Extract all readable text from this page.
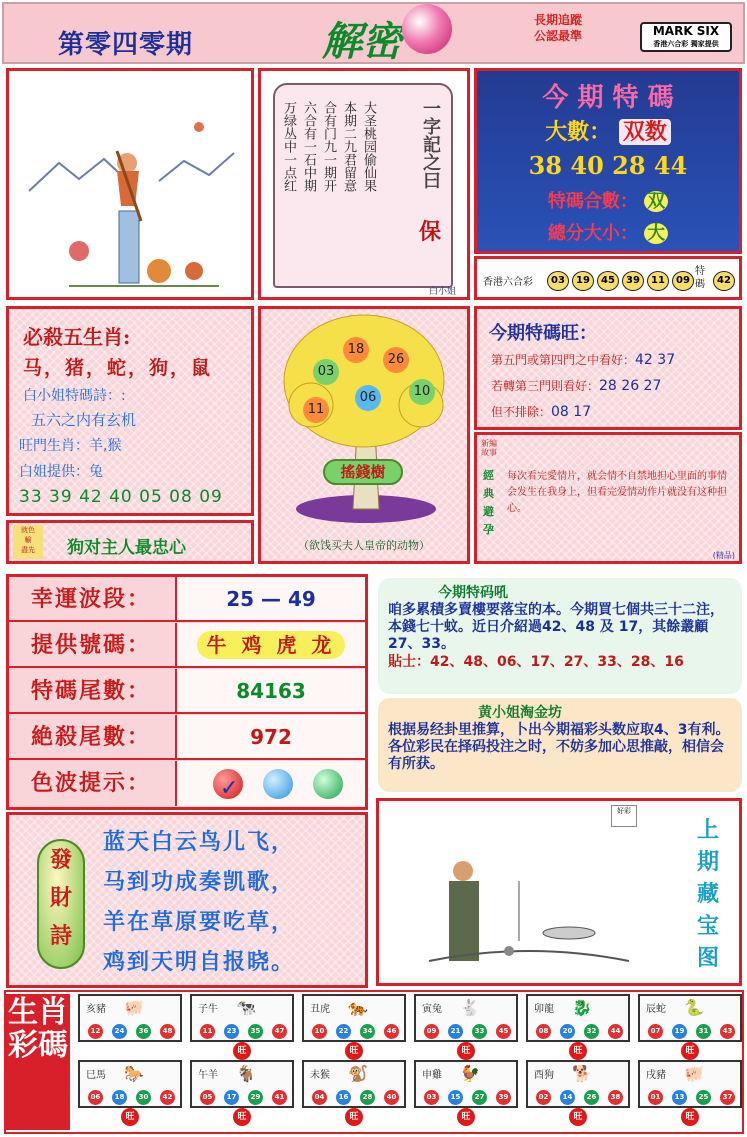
第零四零期	解密	長期追蹤
公認最準	MARK SIX
香港六合彩 獨家提供
大圣桃园偷仙果
本期二九君留意
合有门九一期开
六合有一石中期
万绿丛中一点红	一字記之曰
保
白小姐
今 期 特 碼
大數： 双数
38 40 28 44
特碼合數： 双
總分大小： 大
香港六合彩	03	19	45	39	11	09
特碼	42
必殺五生肖:
马，猪，蛇，狗，鼠
白小姐特碼詩：:
五六之内有玄机
旺門生肖：羊,猴
白姐提供：兔
33 39 42 40 05 08 09
就色
輸
盡先	狗对主人最忠心
18
03
26
06	10
11
搖錢樹
（欲饯买夫人皇帝的动物）
今期特碼旺：
第五門或第四門之中看好：42 37
若轉第三門則看好：28 26 27
但不排除：08 17
新編故事
經典避孕
每次看完愛情片，就会情不自禁地担心里面的事情会发生在我身上，但看完爱情动作片就没有这种担心。
(精品)
幸運波段：	25 — 49
提供號碼：	牛 鸡 虎 龙
特碼尾數：	84163
絶殺尾數：	972
色波提示：	✓
今期特码吼
咱多累積多賣樓要落宝的本。今期買七個共三十二注，本錢七十蚊。近日介紹過42、48 及 17，其餘叢顧27、33。
貼士：42、48、06、17、27、33、28、16
黄小姐淘金坊
根据易经卦里推算，卜出今期福彩头数应取4、3有利。各位彩民在择码投注之时，不妨多加心思推敲，相信会有所获。
發
財
詩
蓝天白云鸟儿飞，
马到功成奏凯歌，
羊在草原要吃草，
鸡到天明自报晓。
好彩
上期藏宝图
生肖彩碼
亥豬 🐖
12	24	36	48
子牛 🐄
11	23	35	47
旺
丑虎 🐅
10	22	34	46
旺
寅兔 🐇
09	21	33	45
旺
卯龍 🐉
08	20	32	44
旺
辰蛇 🐍
07	19	31	43
旺
巳馬 🐎
06	18	30	42
旺
午羊 🐐
05	17	29	41
旺
未猴 🐒
04	16	28	40
旺
申雞 🐓
03	15	27	39
旺
酉狗 🐕
02	14	26	38
旺
戌豬 🐖
01	13	25	37
旺
